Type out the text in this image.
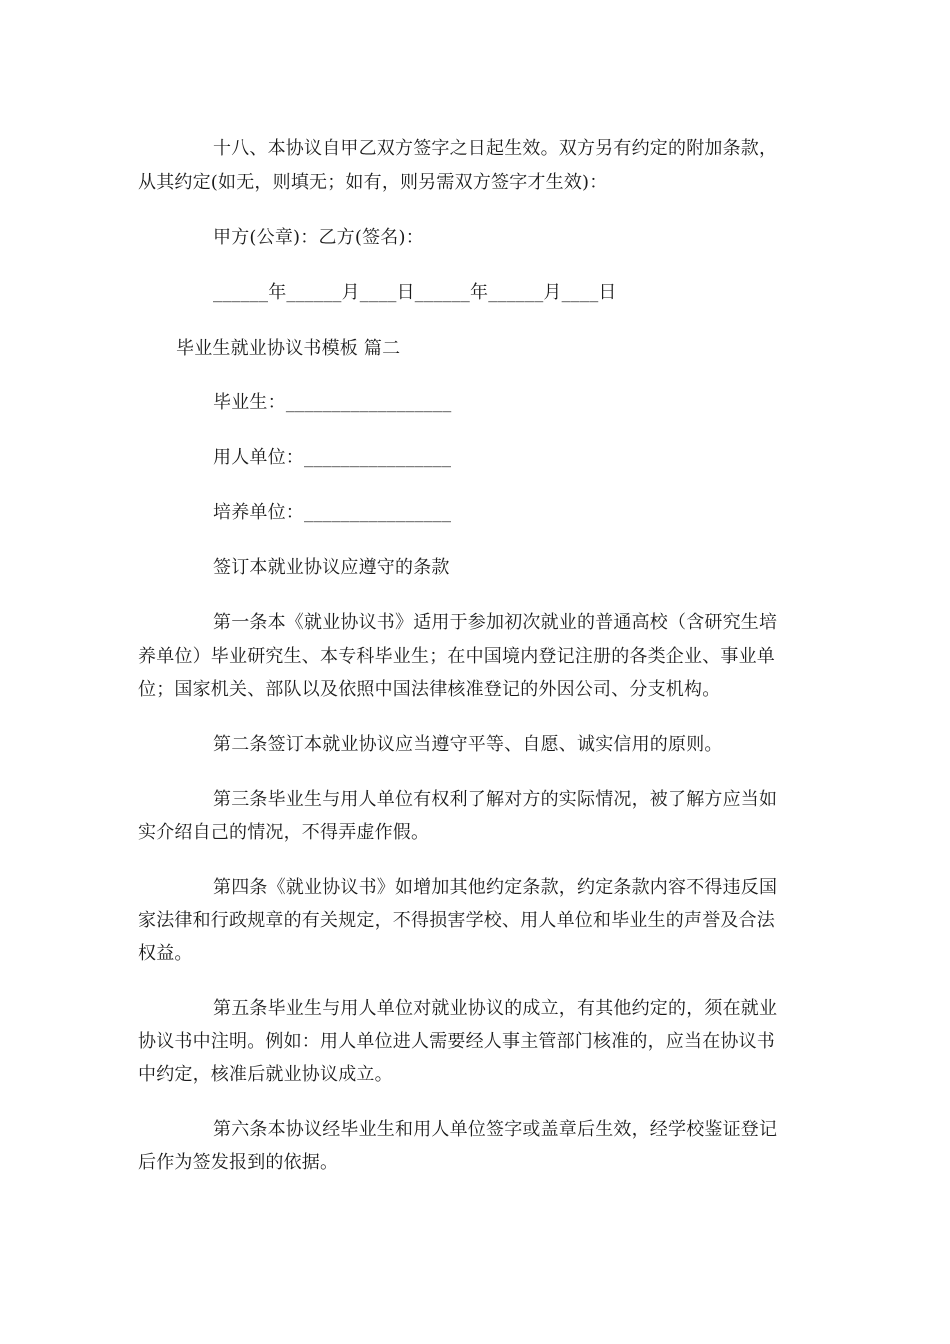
十八、本协议自甲乙双方签字之日起生效。双方另有约定的附加条款，
从其约定(如无，则填无；如有，则另需双方签字才生效)：
甲方(公章)：乙方(签名)：
______年______月____日______年______月____日
毕业生就业协议书模板 篇二
毕业生：__________________
用人单位：________________
培养单位：________________
签订本就业协议应遵守的条款
第一条本《就业协议书》适用于参加初次就业的普通高校（含研究生培
养单位）毕业研究生、本专科毕业生；在中国境内登记注册的各类企业、事业单
位；国家机关、部队以及依照中国法律核准登记的外因公司、分支机构。
第二条签订本就业协议应当遵守平等、自愿、诚实信用的原则。
第三条毕业生与用人单位有权利了解对方的实际情况，被了解方应当如
实介绍自己的情况，不得弄虚作假。
第四条《就业协议书》如增加其他约定条款，约定条款内容不得违反国
家法律和行政规章的有关规定，不得损害学校、用人单位和毕业生的声誉及合法
权益。
第五条毕业生与用人单位对就业协议的成立，有其他约定的，须在就业
协议书中注明。例如：用人单位进人需要经人事主管部门核准的，应当在协议书
中约定，核准后就业协议成立。
第六条本协议经毕业生和用人单位签字或盖章后生效，经学校鉴证登记
后作为签发报到的依据。
